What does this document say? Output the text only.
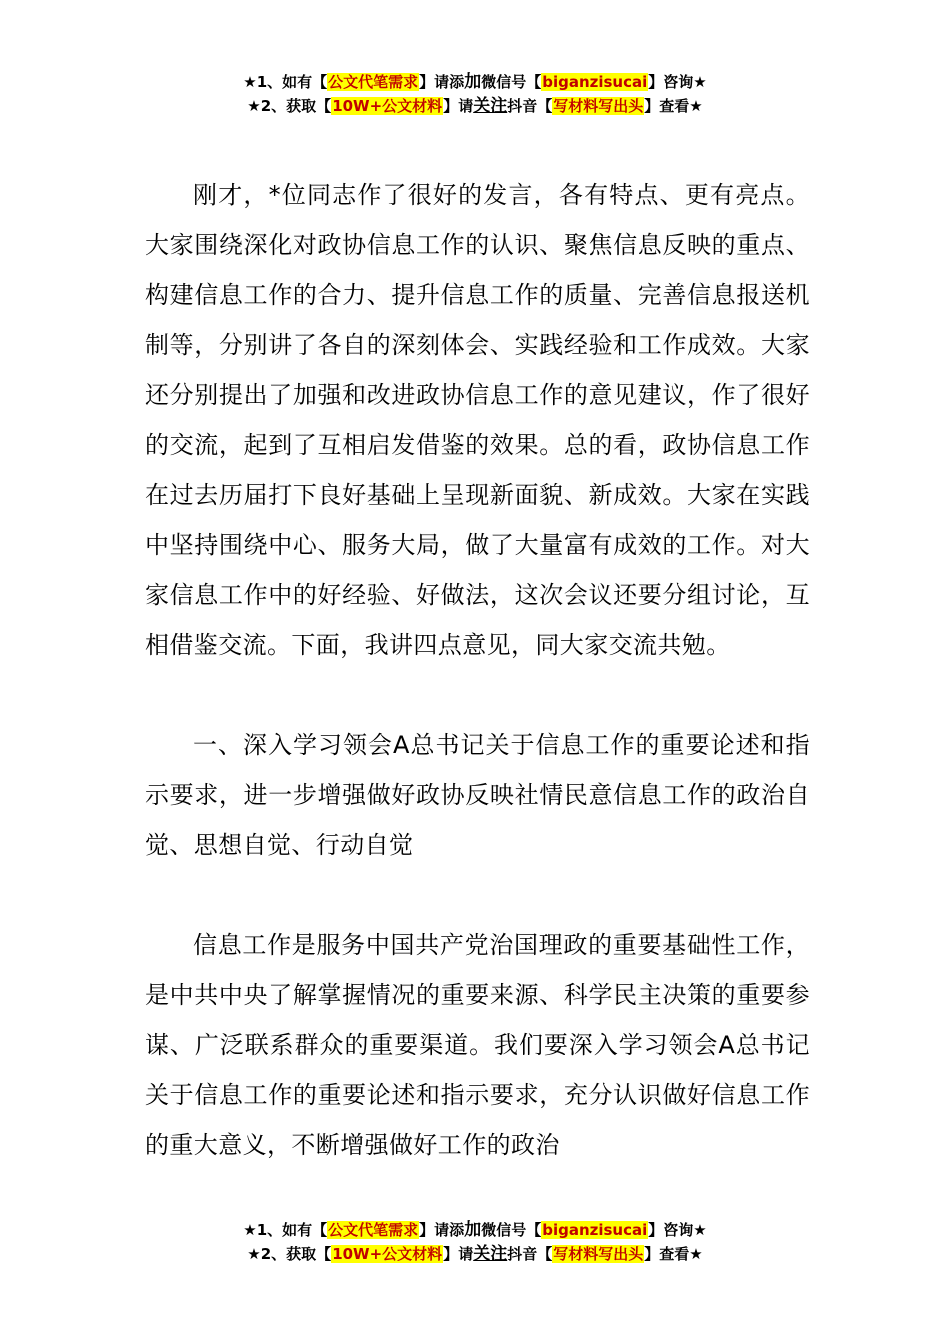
★1、如有【公文代笔需求】请添加微信号【biganzisucai】咨询★
★2、获取【10W+公文材料】请关注抖音【写材料写出头】查看★

刚才，*位同志作了很好的发言，各有特点、更有亮点。大家围绕深化对政协信息工作的认识、聚焦信息反映的重点、构建信息工作的合力、提升信息工作的质量、完善信息报送机制等，分别讲了各自的深刻体会、实践经验和工作成效。大家还分别提出了加强和改进政协信息工作的意见建议，作了很好的交流，起到了互相启发借鉴的效果。总的看，政协信息工作在过去历届打下良好基础上呈现新面貌、新成效。大家在实践中坚持围绕中心、服务大局，做了大量富有成效的工作。对大家信息工作中的好经验、好做法，这次会议还要分组讨论，互相借鉴交流。下面，我讲四点意见，同大家交流共勉。

一、深入学习领会A总书记关于信息工作的重要论述和指示要求，进一步增强做好政协反映社情民意信息工作的政治自觉、思想自觉、行动自觉

信息工作是服务中国共产党治国理政的重要基础性工作，是中共中央了解掌握情况的重要来源、科学民主决策的重要参谋、广泛联系群众的重要渠道。我们要深入学习领会A总书记关于信息工作的重要论述和指示要求，充分认识做好信息工作的重大意义，不断增强做好工作的政治

★1、如有【公文代笔需求】请添加微信号【biganzisucai】咨询★
★2、获取【10W+公文材料】请关注抖音【写材料写出头】查看★
